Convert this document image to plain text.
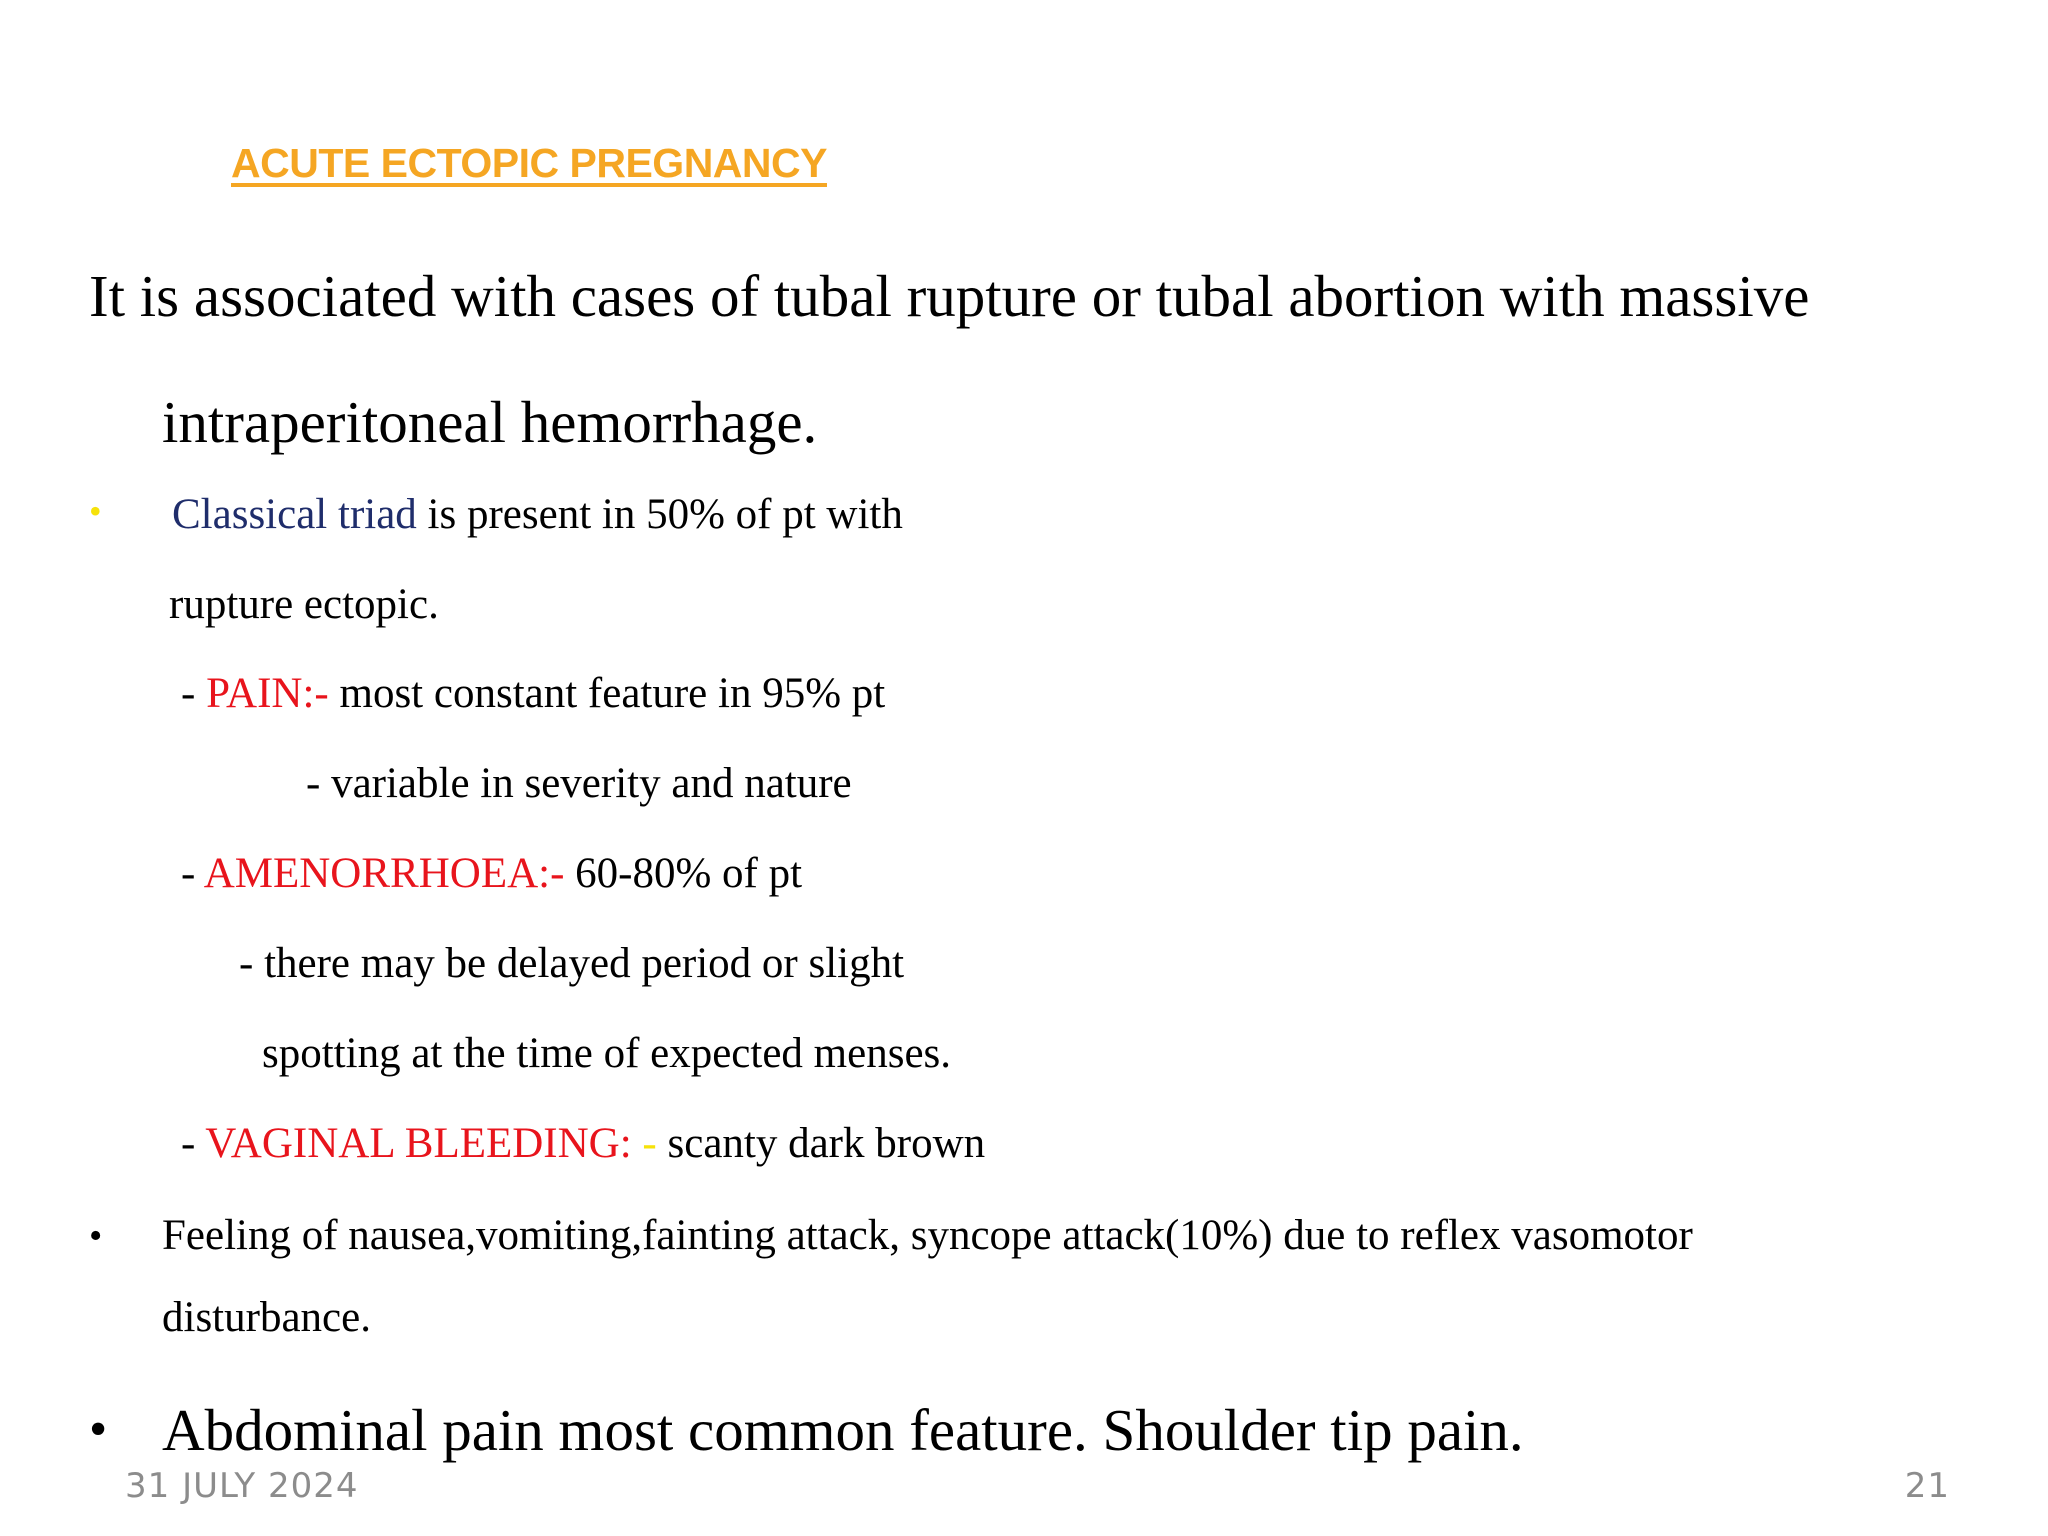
ACUTE ECTOPIC PREGNANCY
It is associated with cases of tubal rupture or tubal abortion with massive
intraperitoneal hemorrhage.
• Classical triad is present in 50% of pt with
rupture ectopic.
- PAIN:- most constant feature in 95% pt
- variable in severity and nature
- AMENORRHOEA:- 60-80% of pt
- there may be delayed period or slight
spotting at the time of expected menses.
- VAGINAL BLEEDING: - scanty dark brown
• Feeling of nausea,vomiting,fainting attack, syncope attack(10%) due to reflex vasomotor
disturbance.
• Abdominal pain most common feature. Shoulder tip pain.
31 JULY 2024	21
